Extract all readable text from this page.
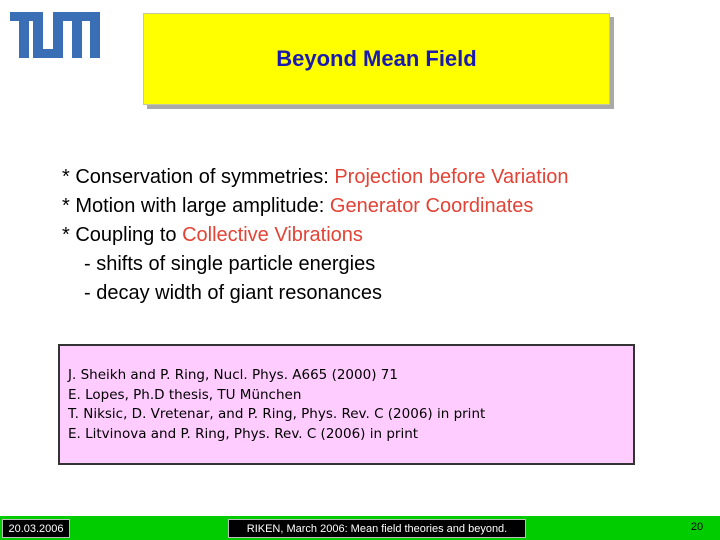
Beyond Mean Field
* Conservation of symmetries: Projection before Variation
* Motion with large amplitude: Generator Coordinates
* Coupling to Collective Vibrations
- shifts of single particle energies
- decay width of giant resonances
J. Sheikh and P. Ring, Nucl. Phys. A665 (2000) 71
E. Lopes, Ph.D thesis, TU München
T. Niksic, D. Vretenar, and P. Ring, Phys. Rev. C (2006) in print
E. Litvinova and P. Ring, Phys. Rev. C (2006) in print
20.03.2006	RIKEN, March 2006: Mean field theories and beyond.	20
